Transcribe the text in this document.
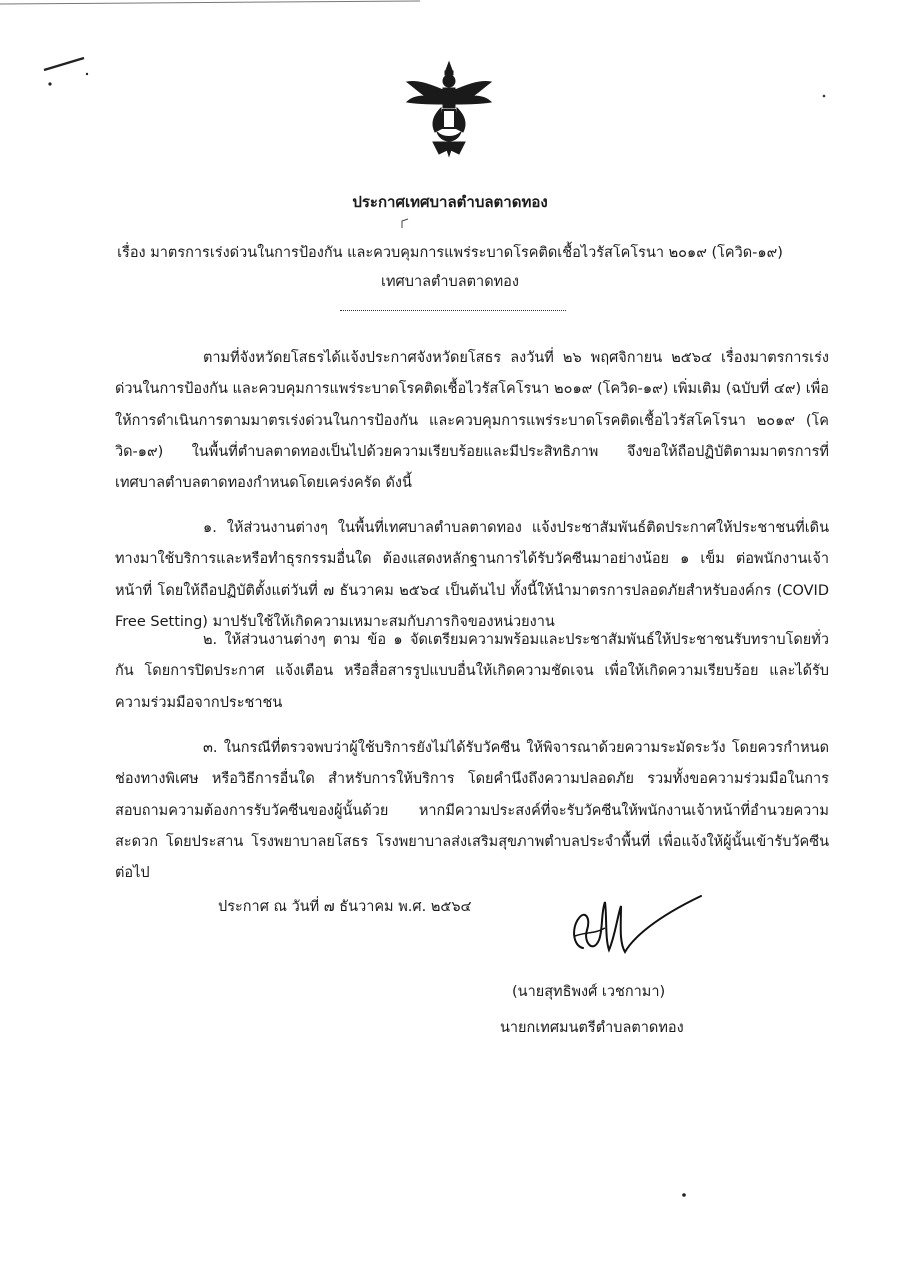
ประกาศเทศบาลตำบลตาดทอง
เรื่อง มาตรการเร่งด่วนในการป้องกัน และควบคุมการแพร่ระบาดโรคติดเชื้อไวรัสโคโรนา ๒๐๑๙ (โควิด-๑๙)
เทศบาลตำบลตาดทอง

ตามที่จังหวัดยโสธรได้แจ้งประกาศจังหวัดยโสธร ลงวันที่ ๒๖ พฤศจิกายน ๒๕๖๔ เรื่องมาตรการเร่งด่วนในการป้องกัน และควบคุมการแพร่ระบาดโรคติดเชื้อไวรัสโคโรนา ๒๐๑๙ (โควิด-๑๙) เพิ่มเติม (ฉบับที่ ๔๙) เพื่อให้การดำเนินการตามมาตรเร่งด่วนในการป้องกัน และควบคุมการแพร่ระบาดโรคติดเชื้อไวรัสโคโรนา ๒๐๑๙ (โควิด-๑๙) ในพื้นที่ตำบลตาดทองเป็นไปด้วยความเรียบร้อยและมีประสิทธิภาพ จึงขอให้ถือปฏิบัติตามมาตรการที่เทศบาลตำบลตาดทองกำหนดโดยเคร่งครัด ดังนี้

๑. ให้ส่วนงานต่างๆ ในพื้นที่เทศบาลตำบลตาดทอง แจ้งประชาสัมพันธ์ติดประกาศให้ประชาชนที่เดินทางมาใช้บริการและหรือทำธุรกรรมอื่นใด ต้องแสดงหลักฐานการได้รับวัคซีนมาอย่างน้อย ๑ เข็ม ต่อพนักงานเจ้าหน้าที่ โดยให้ถือปฏิบัติตั้งแต่วันที่ ๗ ธันวาคม ๒๕๖๔ เป็นต้นไป ทั้งนี้ให้นำมาตรการปลอดภัยสำหรับองค์กร (COVID Free Setting) มาปรับใช้ให้เกิดความเหมาะสมกับภารกิจของหน่วยงาน

๒. ให้ส่วนงานต่างๆ ตาม ข้อ ๑ จัดเตรียมความพร้อมและประชาสัมพันธ์ให้ประชาชนรับทราบโดยทั่วกัน โดยการปิดประกาศ แจ้งเตือน หรือสื่อสารรูปแบบอื่นให้เกิดความชัดเจน เพื่อให้เกิดความเรียบร้อย และได้รับความร่วมมือจากประชาชน

๓. ในกรณีที่ตรวจพบว่าผู้ใช้บริการยังไม่ได้รับวัคซีน ให้พิจารณาด้วยความระมัดระวัง โดยควรกำหนดช่องทางพิเศษ หรือวิธีการอื่นใด สำหรับการให้บริการ โดยคำนึงถึงความปลอดภัย รวมทั้งขอความร่วมมือในการสอบถามความต้องการรับวัคซีนของผู้นั้นด้วย หากมีความประสงค์ที่จะรับวัคซีนให้พนักงานเจ้าหน้าที่อำนวยความสะดวก โดยประสาน โรงพยาบาลยโสธร โรงพยาบาลส่งเสริมสุขภาพตำบลประจำพื้นที่ เพื่อแจ้งให้ผู้นั้นเข้ารับวัคซีนต่อไป

ประกาศ ณ วันที่ ๗ ธันวาคม พ.ศ. ๒๕๖๔
(นายสุทธิพงศ์ เวชกามา)
นายกเทศมนตรีตำบลตาดทอง
